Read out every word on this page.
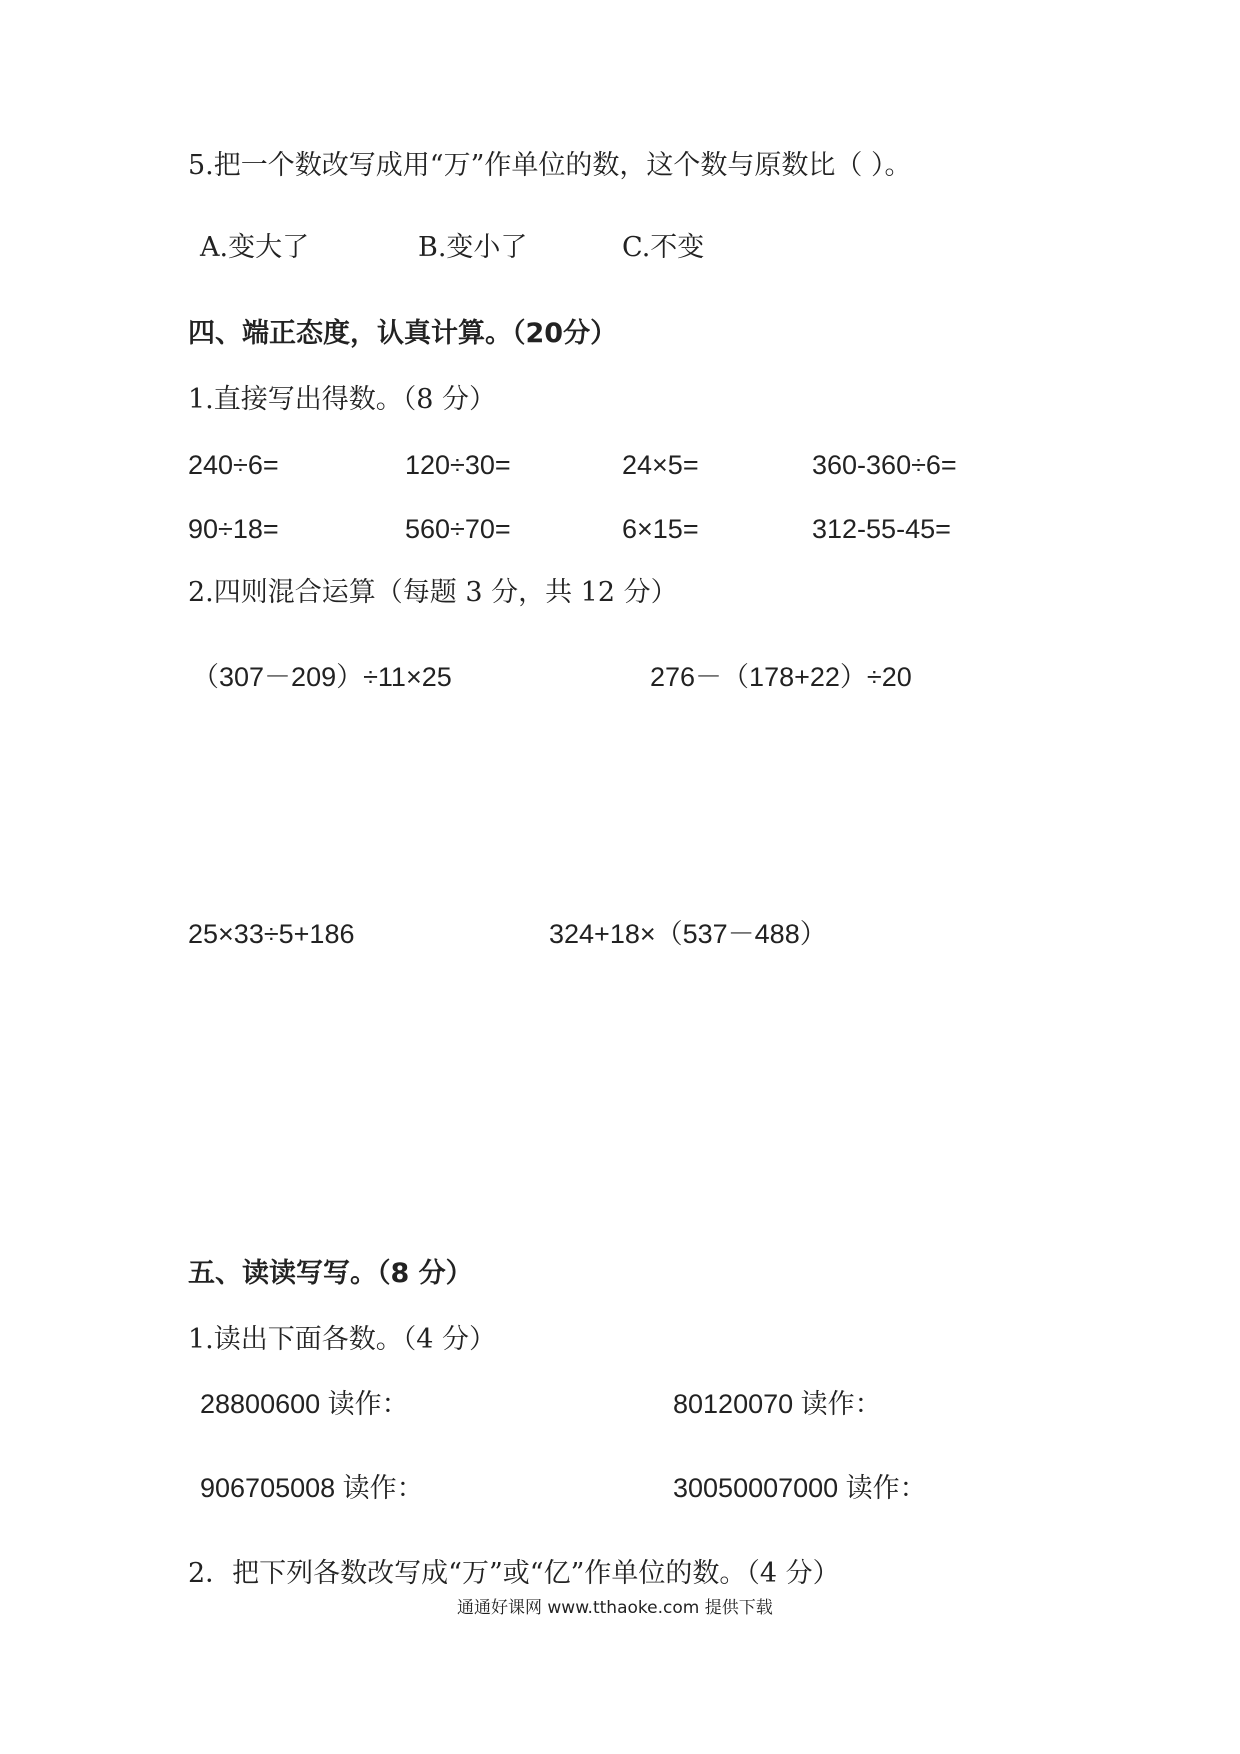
5.把一个数改写成用“万”作单位的数，这个数与原数比（ ）。
A.变大了	B.变小了	C.不变
四、端正态度，认真计算。（20分）
1.直接写出得数。（8 分）
240÷6=	120÷30=	24×5=	360-360÷6=
90÷18=	560÷70=	6×15=	312-55-45=
2.四则混合运算（每题 3 分，共 12 分）
（307－209）÷11×25	276－（178+22）÷20
25×33÷5+186	324+18×（537－488）
五、读读写写。（8 分）
1.读出下面各数。（4 分）
28800600 读作：	80120070 读作：
906705008 读作：	30050007000 读作：
2．把下列各数改写成“万”或“亿”作单位的数。（4 分）
通通好课网 www.tthaoke.com 提供下载
